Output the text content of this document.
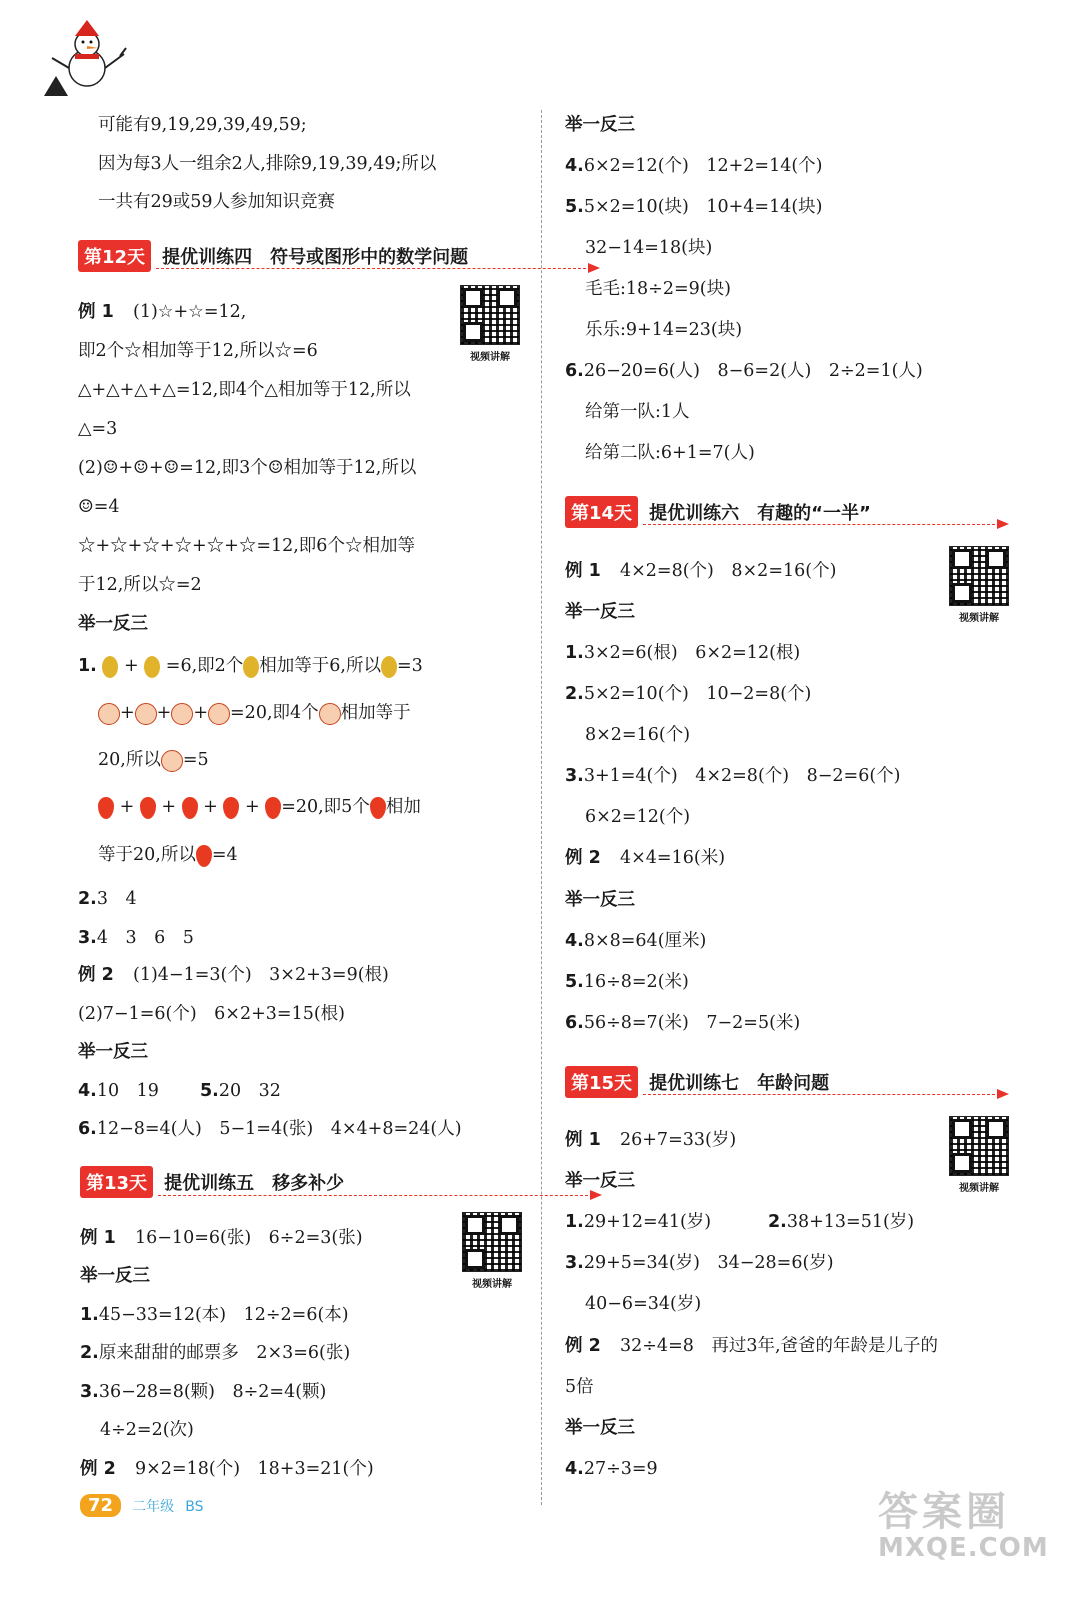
可能有9,19,29,39,49,59;
因为每3人一组余2人,排除9,19,39,49;所以
一共有29或59人参加知识竞赛
第12天 提优训练四　符号或图形中的数学问题
视频讲解
例 1 (1)☆+☆=12,
即2个☆相加等于12,所以☆=6
△+△+△+△=12,即4个△相加等于12,所以
△=3
(2)☺+☺+☺=12,即3个☺相加等于12,所以
☺=4
☆+☆+☆+☆+☆+☆=12,即6个☆相加等
于12,所以☆=2
举一反三
1.  +  =6,即2个 相加等于6,所以 =3
+ + + =20,即4个 相加等于
20,所以 =5
+  +  +  + =20,即5个 相加
等于20,所以 =4
2.3　4
3.4　3　6　5
例 2 (1)4−1=3(个)　3×2+3=9(根)
(2)7−1=6(个)　6×2+3=15(根)
举一反三
4.10　19 5.20　32
6.12−8=4(人)　5−1=4(张)　4×4+8=24(人)
第13天 提优训练五　移多补少
视频讲解
例 1 16−10=6(张)　6÷2=3(张)
举一反三
1.45−33=12(本)　12÷2=6(本)
2.原来甜甜的邮票多　2×3=6(张)
3.36−28=8(颗)　8÷2=4(颗)
4÷2=2(次)
例 2 9×2=18(个)　18+3=21(个)
举一反三
4.6×2=12(个)　12+2=14(个)
5.5×2=10(块)　10+4=14(块)
32−14=18(块)
毛毛:18÷2=9(块)
乐乐:9+14=23(块)
6.26−20=6(人)　8−6=2(人)　2÷2=1(人)
给第一队:1人
给第二队:6+1=7(人)
第14天 提优训练六　有趣的“一半”
视频讲解
例 1 4×2=8(个)　8×2=16(个)
举一反三
1.3×2=6(根)　6×2=12(根)
2.5×2=10(个)　10−2=8(个)
8×2=16(个)
3.3+1=4(个)　4×2=8(个)　8−2=6(个)
6×2=12(个)
例 2 4×4=16(米)
举一反三
4.8×8=64(厘米)
5.16÷8=2(米)
6.56÷8=7(米)　7−2=5(米)
第15天 提优训练七　年龄问题
视频讲解
例 1 26+7=33(岁)
举一反三
1.29+12=41(岁)	2.38+13=51(岁)
3.29+5=34(岁)　34−28=6(岁)
40−6=34(岁)
例 2 32÷4=8　再过3年,爸爸的年龄是儿子的
5倍
举一反三
4.27÷3=9
72 二年级 BS	答案圈
MXQE.COM
